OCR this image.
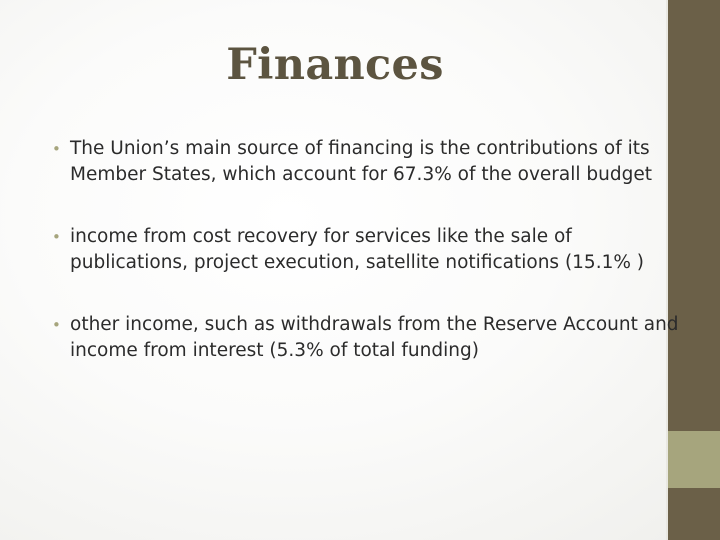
Finances
• The Union’s main source of financing is the contributions of its Member States, which account for 67.3% of the overall budget
• income from cost recovery for services like the sale of publications, project execution, satellite notifications (15.1% )
• other income, such as withdrawals from the Reserve Account and income from interest (5.3% of total funding)
